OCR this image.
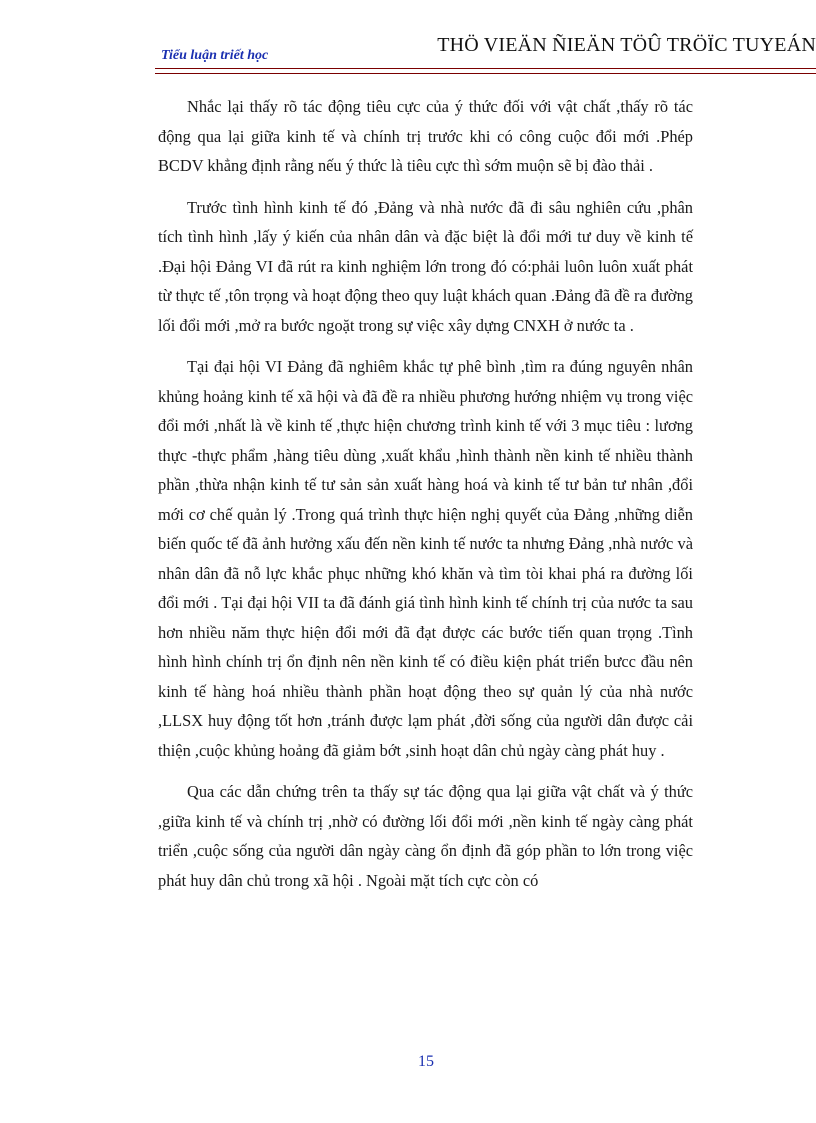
Tiểu luận triết học	THÖ VIEÄN ÑIEÄN TÖÛ TRÖÏC TUYEÁN

Nhắc lại thấy rõ tác động tiêu cực của ý thức đối với vật chất ,thấy rõ tác động qua lại giữa kinh tế và chính trị trước khi có công cuộc đổi mới .Phép BCDV khẳng định rằng nếu ý thức là tiêu cực thì sớm muộn sẽ bị đào thải .

Trước tình hình kinh tế đó ,Đảng và nhà nước đã đi sâu nghiên cứu ,phân tích tình hình ,lấy ý kiến của nhân dân và đặc biệt là đổi mới tư duy về kinh tế .Đại hội Đảng VI đã rút ra kinh nghiệm lớn trong đó có:phải luôn luôn xuất phát từ thực tế ,tôn trọng và hoạt động theo quy luật khách quan .Đảng đã đề ra đường lối đổi mới ,mở ra bước ngoặt trong sự việc xây dựng CNXH ở nước ta .

Tại đại hội VI Đảng đã nghiêm khắc tự phê bình ,tìm ra đúng nguyên nhân khủng hoảng kinh tế xã hội và đã đề ra nhiều phương hướng nhiệm vụ trong việc đổi mới ,nhất là về kinh tế ,thực hiện chương trình kinh tế với 3 mục tiêu : lương thực -thực phẩm ,hàng tiêu dùng ,xuất khẩu ,hình thành nền kinh tế nhiều thành phần ,thừa nhận kinh tế tư sản sản xuất hàng hoá và kinh tế tư bản tư nhân ,đổi mới cơ chế quản lý .Trong quá trình thực hiện nghị quyết của Đảng ,những diễn biến quốc tế đã ảnh hưởng xấu đến nền kinh tế nước ta nhưng Đảng ,nhà nước và nhân dân đã nỗ lực khắc phục những khó khăn và tìm tòi khai phá ra đường lối đổi mới . Tại đại hội VII ta đã đánh giá tình hình kinh tế chính trị của nước ta sau hơn nhiều năm thực hiện đổi mới đã đạt được các bước tiến quan trọng .Tình hình hình chính trị ổn định nên nền kinh tế có điều kiện phát triển bưcc đầu nên kinh tế hàng hoá nhiều thành phần hoạt động theo sự quản lý của nhà nước ,LLSX huy động tốt hơn ,tránh được lạm phát ,đời sống của người dân được cải thiện ,cuộc khủng hoảng đã giảm bớt ,sinh hoạt dân chủ ngày càng phát huy .

Qua các dẫn chứng trên ta thấy sự tác động qua lại giữa vật chất và ý thức ,giữa kinh tế và chính trị ,nhờ có đường lối đổi mới ,nền kinh tế ngày càng phát triển ,cuộc sống của người dân ngày càng ổn định đã góp phần to lớn trong việc phát huy dân chủ trong xã hội . Ngoài mặt tích cực còn có

15
